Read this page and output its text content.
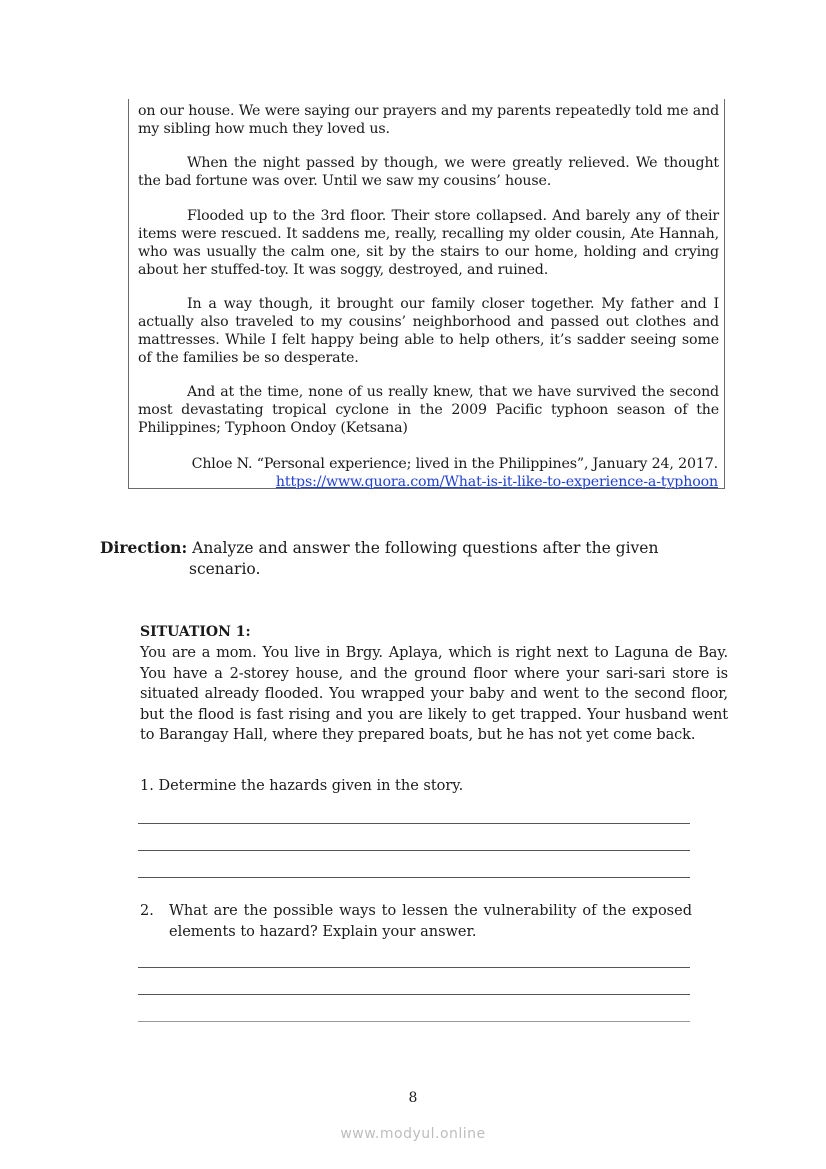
on our house. We were saying our prayers and my parents repeatedly told me and my sibling how much they loved us.

When the night passed by though, we were greatly relieved. We thought the bad fortune was over. Until we saw my cousins’ house.

Flooded up to the 3rd floor. Their store collapsed. And barely any of their items were rescued. It saddens me, really, recalling my older cousin, Ate Hannah, who was usually the calm one, sit by the stairs to our home, holding and crying about her stuffed-toy. It was soggy, destroyed, and ruined.

In a way though, it brought our family closer together. My father and I actually also traveled to my cousins’ neighborhood and passed out clothes and mattresses. While I felt happy being able to help others, it’s sadder seeing some of the families be so desperate.

And at the time, none of us really knew, that we have survived the second most devastating tropical cyclone in the 2009 Pacific typhoon season of the Philippines; Typhoon Ondoy (Ketsana)

Chloe N. “Personal experience; lived in the Philippines”, January 24, 2017.
https://www.quora.com/What-is-it-like-to-experience-a-typhoon
Direction: Analyze and answer the following questions after the given
scenario.
SITUATION 1:

You are a mom. You live in Brgy. Aplaya, which is right next to Laguna de Bay. You have a 2-storey house, and the ground floor where your sari-sari store is situated already flooded. You wrapped your baby and went to the second floor, but the flood is fast rising and you are likely to get trapped. Your husband went to Barangay Hall, where they prepared boats, but he has not yet come back.

1. Determine the hazards given in the story.
2.	What are the possible ways to lessen the vulnerability of the exposed elements to hazard? Explain your answer.
8
www.modyul.online
